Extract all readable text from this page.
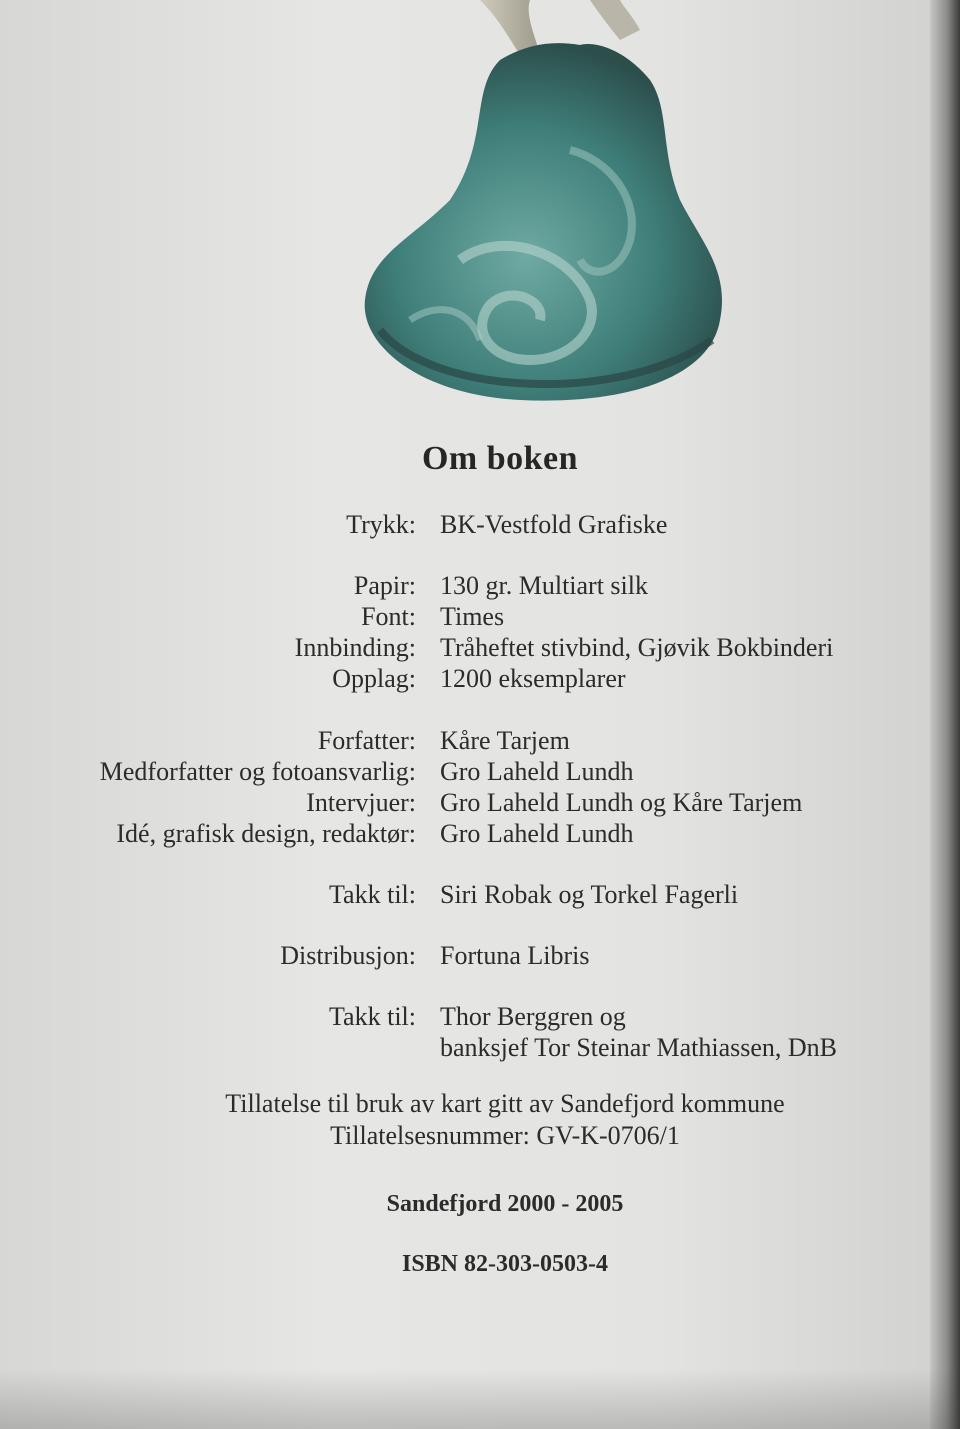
Om boken
Trykk: BK-Vestfold Grafiske
Papir: 130 gr. Multiart silk
Font: Times
Innbinding: Tråheftet stivbind, Gjøvik Bokbinderi
Opplag: 1200 eksemplarer
Forfatter: Kåre Tarjem
Medforfatter og fotoansvarlig: Gro Laheld Lundh
Intervjuer: Gro Laheld Lundh og Kåre Tarjem
Idé, grafisk design, redaktør: Gro Laheld Lundh
Takk til: Siri Robak og Torkel Fagerli
Distribusjon: Fortuna Libris
Takk til: Thor Berggren og
banksjef Tor Steinar Mathiassen, DnB
Tillatelse til bruk av kart gitt av Sandefjord kommune
Tillatelsesnummer: GV-K-0706/1
Sandefjord 2000 - 2005
ISBN 82-303-0503-4
